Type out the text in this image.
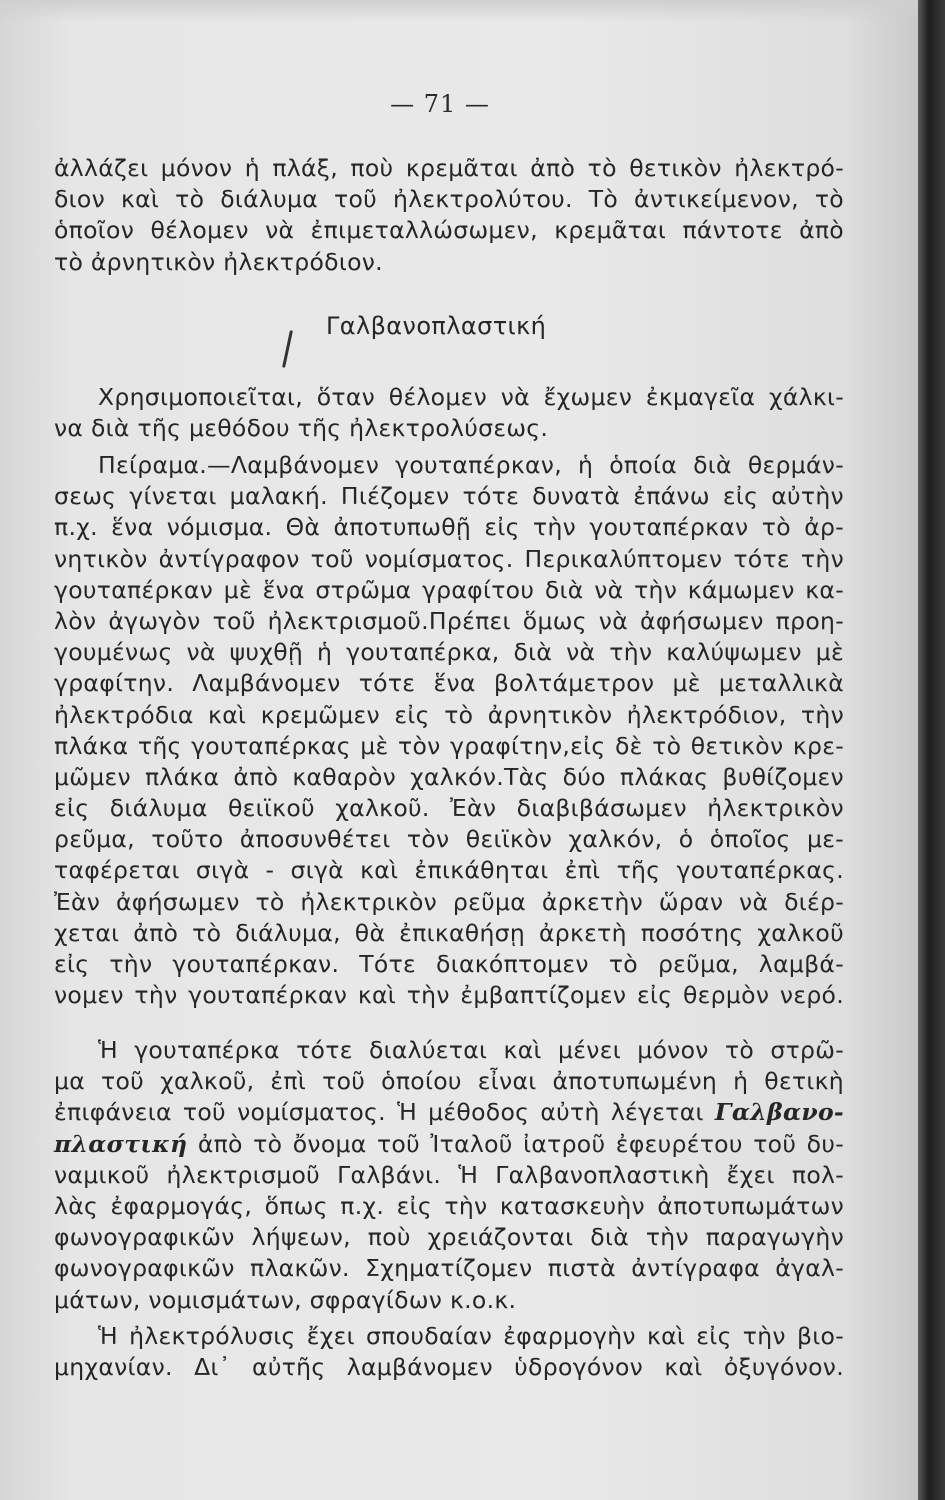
— 71 —
ἀλλάζει μόνον ἡ πλάξ, ποὺ κρεμᾶται ἀπὸ τὸ θετικὸν ἠλεκτρό-
διον καὶ τὸ διάλυμα τοῦ ἠλεκτρολύτου. Τὸ ἀντικείμενον, τὸ
ὁποῖον θέλομεν νὰ ἐπιμεταλλώσωμεν, κρεμᾶται πάντοτε ἀπὸ
τὸ ἀρνητικὸν ἠλεκτρόδιον.
Γαλβανοπλαστική
Χρησιμοποιεῖται, ὅταν θέλομεν νὰ ἔχωμεν ἐκμαγεῖα χάλκι-
να διὰ τῆς μεθόδου τῆς ἠλεκτρολύσεως.
Πείραμα.—Λαμβάνομεν γουταπέρκαν, ἡ ὁποία διὰ θερμάν-
σεως γίνεται μαλακή. Πιέζομεν τότε δυνατὰ ἐπάνω εἰς αὐτὴν
π.χ. ἕνα νόμισμα. Θὰ ἀποτυπωθῇ εἰς τὴν γουταπέρκαν τὸ ἀρ-
νητικὸν ἀντίγραφον τοῦ νομίσματος. Περικαλύπτομεν τότε τὴν
γουταπέρκαν μὲ ἕνα στρῶμα γραφίτου διὰ νὰ τὴν κάμωμεν κα-
λὸν ἀγωγὸν τοῦ ἠλεκτρισμοῦ.Πρέπει ὅμως νὰ ἀφήσωμεν προη-
γουμένως νὰ ψυχθῇ ἡ γουταπέρκα, διὰ νὰ τὴν καλύψωμεν μὲ
γραφίτην. Λαμβάνομεν τότε ἕνα βολτάμετρον μὲ μεταλλικὰ
ἠλεκτρόδια καὶ κρεμῶμεν εἰς τὸ ἀρνητικὸν ἠλεκτρόδιον, τὴν
πλάκα τῆς γουταπέρκας μὲ τὸν γραφίτην,εἰς δὲ τὸ θετικὸν κρε-
μῶμεν πλάκα ἀπὸ καθαρὸν χαλκόν.Τὰς δύο πλάκας βυθίζομεν
εἰς διάλυμα θειϊκοῦ χαλκοῦ. Ἐὰν διαβιβάσωμεν ἠλεκτρικὸν
ρεῦμα, τοῦτο ἀποσυνθέτει τὸν θειϊκὸν χαλκόν, ὁ ὁποῖος με-
ταφέρεται σιγὰ - σιγὰ καὶ ἐπικάθηται ἐπὶ τῆς γουταπέρκας.
Ἐὰν ἀφήσωμεν τὸ ἠλεκτρικὸν ρεῦμα ἀρκετὴν ὥραν νὰ διέρ-
χεται ἀπὸ τὸ διάλυμα, θὰ ἐπικαθήσῃ ἀρκετὴ ποσότης χαλκοῦ
εἰς τὴν γουταπέρκαν. Τότε διακόπτομεν τὸ ρεῦμα, λαμβά-
νομεν τὴν γουταπέρκαν καὶ τὴν ἐμβαπτίζομεν εἰς θερμὸν νερό.
Ἡ γουταπέρκα τότε διαλύεται καὶ μένει μόνον τὸ στρῶ-
μα τοῦ χαλκοῦ, ἐπὶ τοῦ ὁποίου εἶναι ἀποτυπωμένη ἡ θετικὴ
ἐπιφάνεια τοῦ νομίσματος. Ἡ μέθοδος αὐτὴ λέγεται Γαλβανο-
πλαστική ἀπὸ τὸ ὄνομα τοῦ Ἰταλοῦ ἰατροῦ ἐφευρέτου τοῦ δυ-
ναμικοῦ ἠλεκτρισμοῦ Γαλβάνι. Ἡ Γαλβανοπλαστικὴ ἔχει πολ-
λὰς ἐφαρμογάς, ὅπως π.χ. εἰς τὴν κατασκευὴν ἀποτυπωμάτων
φωνογραφικῶν λήψεων, ποὺ χρειάζονται διὰ τὴν παραγωγὴν
φωνογραφικῶν πλακῶν. Σχηματίζομεν πιστὰ ἀντίγραφα ἀγαλ-
μάτων, νομισμάτων, σφραγίδων κ.ο.κ.
Ἡ ἠλεκτρόλυσις ἔχει σπουδαίαν ἐφαρμογὴν καὶ εἰς τὴν βιο-
μηχανίαν. Δι᾽ αὐτῆς λαμβάνομεν ὑδρογόνον καὶ ὀξυγόνον.
